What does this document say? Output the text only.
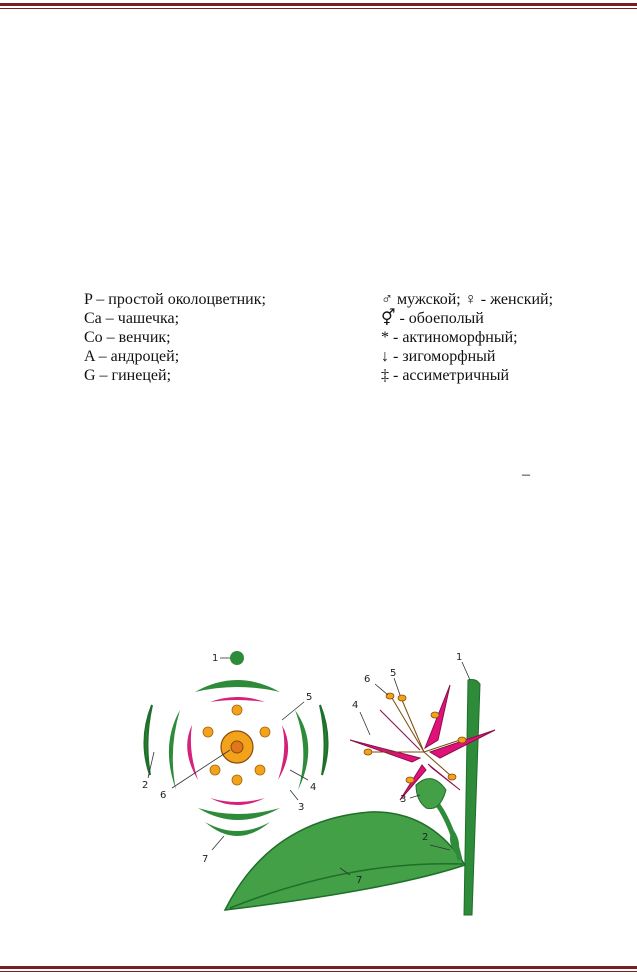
P – простой околоцветник;
Ca – чашечка;
Co – венчик;
A – андроцей;
G – гинецей;
♂ мужской; ♀ - женский;
⚥ - обоеполый
* - актиноморфный;
↓ - зигоморфный
‡ - ассиметричный
–
1
2
3
4
5
6
7
1
2
3
4
5
6
7
